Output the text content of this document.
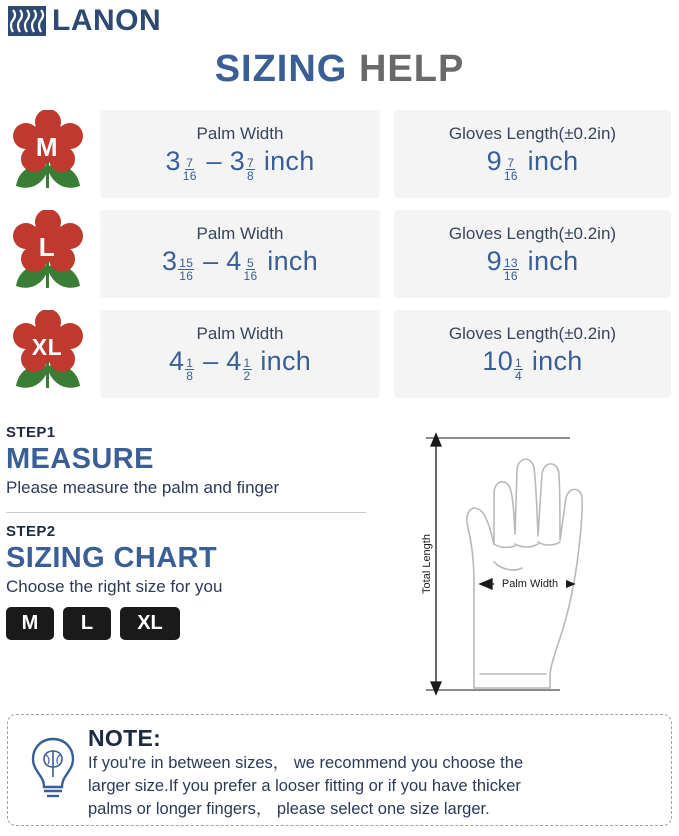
LANON
SIZING HELP
M	Palm Width
$3 \frac{7}{16} - 3 \frac{7}{8}$ inch
Gloves Length(±0.2in)
$9 \frac{7}{16}$ inch
L	Palm Width
$3 \frac{15}{16} - 4 \frac{5}{16}$ inch
Gloves Length(±0.2in)
$9 \frac{13}{16}$ inch
XL	Palm Width
$4 \frac{1}{8} - 4 \frac{1}{2}$ inch
Gloves Length(±0.2in)
$10 \frac{1}{4}$ inch
STEP1
MEASURE
Please measure the palm and finger
STEP2
SIZING CHART
Choose the right size for you
M	L	XL
Total Length	Palm Width
NOTE:
If you're in between sizes， we recommend you choose the
larger size.If you prefer a looser fitting or if you have thicker
palms or longer fingers， please select one size larger.
